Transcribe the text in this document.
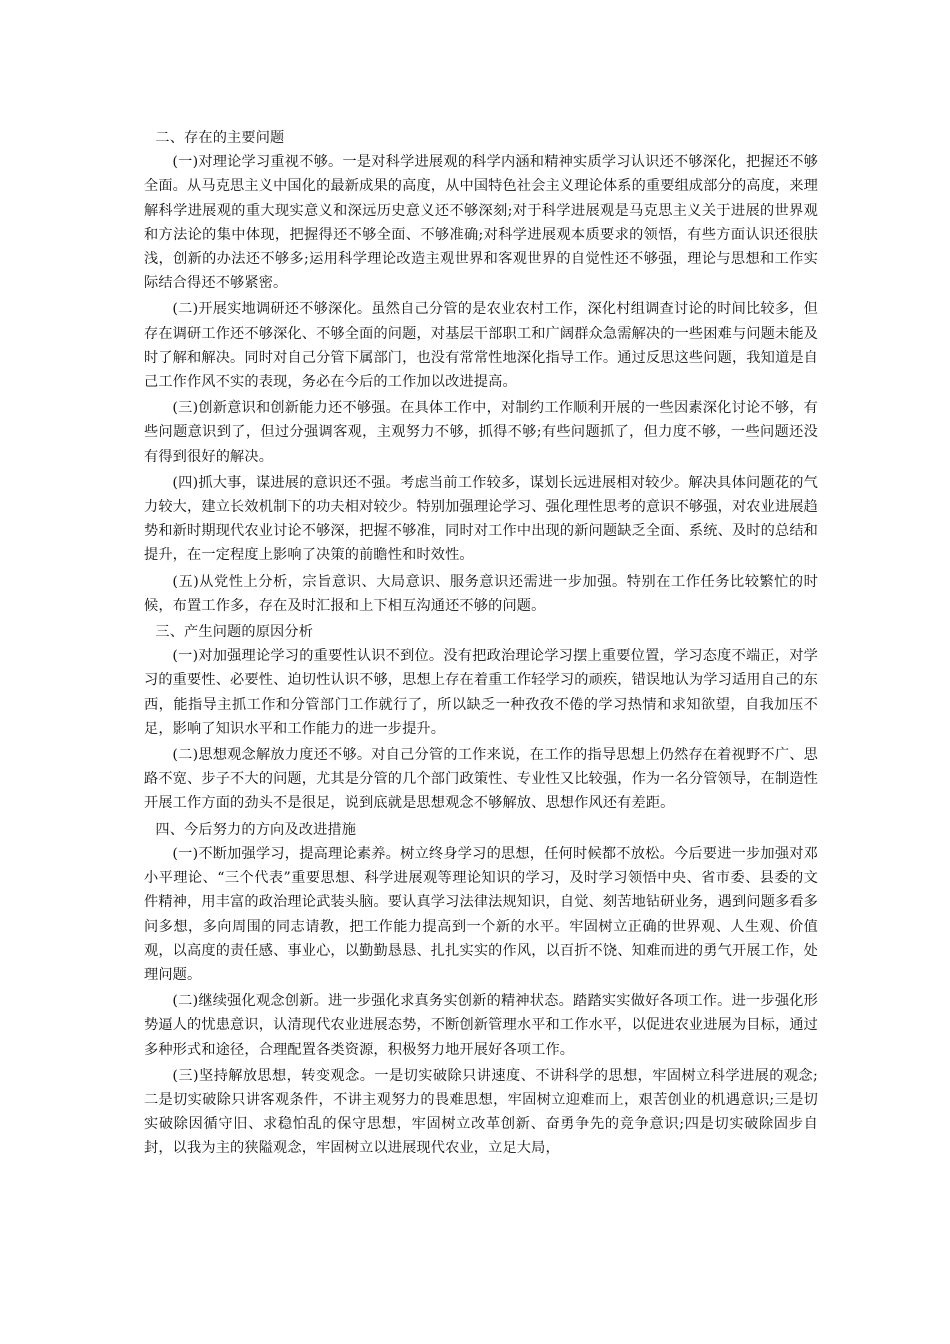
二、存在的主要问题

(一)对理论学习重视不够。一是对科学进展观的科学内涵和精神实质学习认识还不够深化，把握还不够全面。从马克思主义中国化的最新成果的高度，从中国特色社会主义理论体系的重要组成部分的高度，来理解科学进展观的重大现实意义和深远历史意义还不够深刻;对于科学进展观是马克思主义关于进展的世界观和方法论的集中体现，把握得还不够全面、不够准确;对科学进展观本质要求的领悟，有些方面认识还很肤浅，创新的办法还不够多;运用科学理论改造主观世界和客观世界的自觉性还不够强，理论与思想和工作实际结合得还不够紧密。

(二)开展实地调研还不够深化。虽然自己分管的是农业农村工作，深化村组调查讨论的时间比较多，但存在调研工作还不够深化、不够全面的问题，对基层干部职工和广阔群众急需解决的一些困难与问题未能及时了解和解决。同时对自己分管下属部门，也没有常常性地深化指导工作。通过反思这些问题，我知道是自己工作作风不实的表现，务必在今后的工作加以改进提高。

(三)创新意识和创新能力还不够强。在具体工作中，对制约工作顺利开展的一些因素深化讨论不够，有些问题意识到了，但过分强调客观，主观努力不够，抓得不够;有些问题抓了，但力度不够，一些问题还没有得到很好的解决。

(四)抓大事，谋进展的意识还不强。考虑当前工作较多，谋划长远进展相对较少。解决具体问题花的气力较大，建立长效机制下的功夫相对较少。特别加强理论学习、强化理性思考的意识不够强，对农业进展趋势和新时期现代农业讨论不够深，把握不够准，同时对工作中出现的新问题缺乏全面、系统、及时的总结和提升，在一定程度上影响了决策的前瞻性和时效性。

(五)从党性上分析，宗旨意识、大局意识、服务意识还需进一步加强。特别在工作任务比较繁忙的时候，布置工作多，存在及时汇报和上下相互沟通还不够的问题。

三、产生问题的原因分析

(一)对加强理论学习的重要性认识不到位。没有把政治理论学习摆上重要位置，学习态度不端正，对学习的重要性、必要性、迫切性认识不够，思想上存在着重工作轻学习的顽疾，错误地认为学习适用自己的东西，能指导主抓工作和分管部门工作就行了，所以缺乏一种孜孜不倦的学习热情和求知欲望，自我加压不足，影响了知识水平和工作能力的进一步提升。

(二)思想观念解放力度还不够。对自己分管的工作来说，在工作的指导思想上仍然存在着视野不广、思路不宽、步子不大的问题，尤其是分管的几个部门政策性、专业性又比较强，作为一名分管领导，在制造性开展工作方面的劲头不是很足，说到底就是思想观念不够解放、思想作风还有差距。

四、今后努力的方向及改进措施

(一)不断加强学习，提高理论素养。树立终身学习的思想，任何时候都不放松。今后要进一步加强对邓小平理论、“三个代表”重要思想、科学进展观等理论知识的学习，及时学习领悟中央、省市委、县委的文件精神，用丰富的政治理论武装头脑。要认真学习法律法规知识，自觉、刻苦地钻研业务，遇到问题多看多问多想，多向周围的同志请教，把工作能力提高到一个新的水平。牢固树立正确的世界观、人生观、价值观，以高度的责任感、事业心，以勤勤恳恳、扎扎实实的作风，以百折不饶、知难而进的勇气开展工作，处理问题。

(二)继续强化观念创新。进一步强化求真务实创新的精神状态。踏踏实实做好各项工作。进一步强化形势逼人的忧患意识，认清现代农业进展态势，不断创新管理水平和工作水平，以促进农业进展为目标，通过多种形式和途径，合理配置各类资源，积极努力地开展好各项工作。

(三)坚持解放思想，转变观念。一是切实破除只讲速度、不讲科学的思想，牢固树立科学进展的观念;二是切实破除只讲客观条件，不讲主观努力的畏难思想，牢固树立迎难而上，艰苦创业的机遇意识;三是切实破除因循守旧、求稳怕乱的保守思想，牢固树立改革创新、奋勇争先的竞争意识;四是切实破除固步自封，以我为主的狭隘观念，牢固树立以进展现代农业，立足大局，
